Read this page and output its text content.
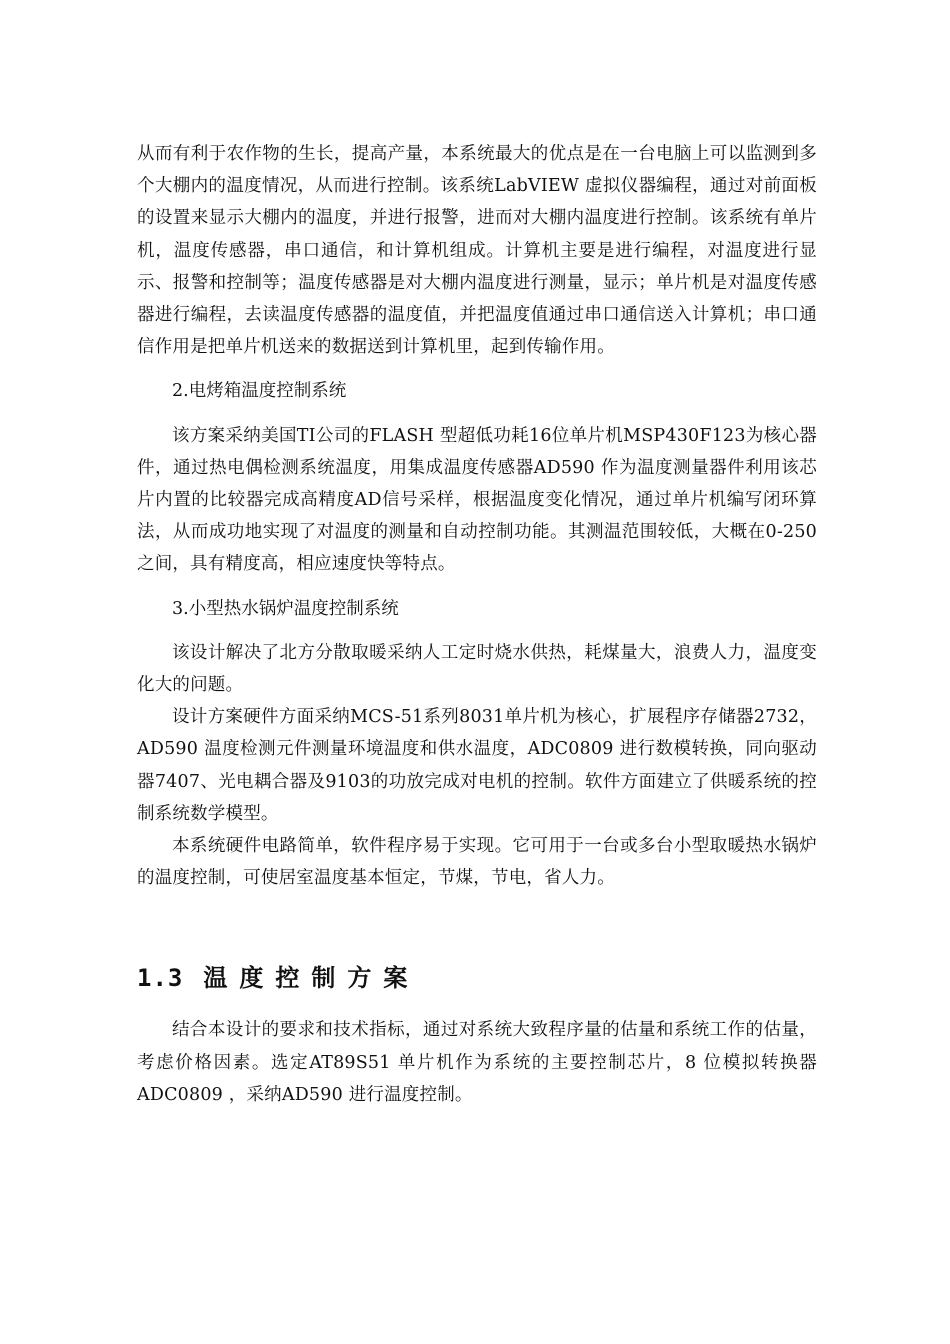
从而有利于农作物的生长，提高产量，本系统最大的优点是在一台电脑上可以监测到多个大棚内的温度情况，从而进行控制。该系统LabVIEW 虚拟仪器编程，通过对前面板的设置来显示大棚内的温度，并进行报警，进而对大棚内温度进行控制。该系统有单片机，温度传感器，串口通信，和计算机组成。计算机主要是进行编程，对温度进行显示、报警和控制等；温度传感器是对大棚内温度进行测量，显示；单片机是对温度传感器进行编程，去读温度传感器的温度值，并把温度值通过串口通信送入计算机；串口通信作用是把单片机送来的数据送到计算机里，起到传输作用。

2.电烤箱温度控制系统

该方案采纳美国TI公司的FLASH 型超低功耗16位单片机MSP430F123为核心器件，通过热电偶检测系统温度，用集成温度传感器AD590 作为温度测量器件利用该芯片内置的比较器完成高精度AD信号采样，根据温度变化情况，通过单片机编写闭环算法，从而成功地实现了对温度的测量和自动控制功能。其测温范围较低，大概在0-250 之间，具有精度高，相应速度快等特点。

3.小型热水锅炉温度控制系统

该设计解决了北方分散取暖采纳人工定时烧水供热，耗煤量大，浪费人力，温度变化大的问题。

设计方案硬件方面采纳MCS-51系列8031单片机为核心，扩展程序存储器2732，AD590 温度检测元件测量环境温度和供水温度，ADC0809 进行数模转换，同向驱动器7407、光电耦合器及9103的功放完成对电机的控制。软件方面建立了供暖系统的控制系统数学模型。

本系统硬件电路简单，软件程序易于实现。它可用于一台或多台小型取暖热水锅炉的温度控制，可使居室温度基本恒定，节煤，节电，省人力。

1.3 温度控制方案

结合本设计的要求和技术指标，通过对系统大致程序量的估量和系统工作的估量，考虑价格因素。选定AT89S51 单片机作为系统的主要控制芯片，8 位模拟转换器ADC0809 ，采纳AD590 进行温度控制。
